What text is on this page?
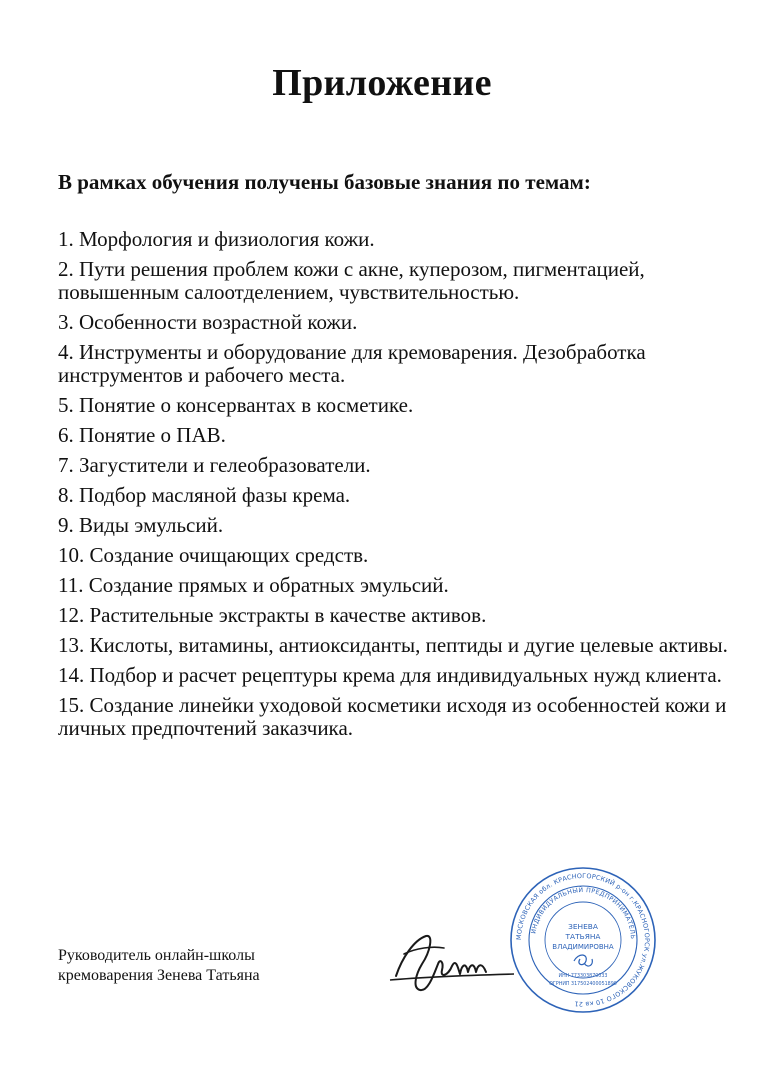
Приложение
В рамках обучения получены базовые знания по темам:
1. Морфология и физиология кожи.
2. Пути решения проблем кожи с акне, куперозом, пигментацией, повышенным салоотделением, чувствительностью.
3. Особенности возрастной кожи.
4. Инструменты и оборудование для кремоварения. Дезобработка инструментов и рабочего места.
5. Понятие о консервантах в косметике.
6. Понятие о ПАВ.
7. Загустители и гелеобразователи.
8. Подбор масляной фазы крема.
9. Виды эмульсий.
10. Создание очищающих средств.
11. Создание прямых и обратных эмульсий.
12. Растительные экстракты в качестве активов.
13. Кислоты, витамины, антиоксиданты, пептиды и дугие целевые активы.
14. Подбор и расчет рецептуры крема для индивидуальных нужд клиента.
15. Создание линейки уходовой косметики исходя из особенностей кожи и личных предпочтений заказчика.
Руководитель онлайн-школы
кремоварения Зенева Татьяна
МОСКОВСКАЯ обл. КРАСНОГОРСКИЙ р-он г.КРАСНОГОРСК ул.ЖУКОВСКОГО 10 кв 21
ИНДИВИДУАЛЬНЫЙ ПРЕДПРИНИМАТЕЛЬ
ЗЕНЕВА
ТАТЬЯНА
ВЛАДИМИРОВНА
ИНН 773303870033
ОГРНИП 317502400051890
